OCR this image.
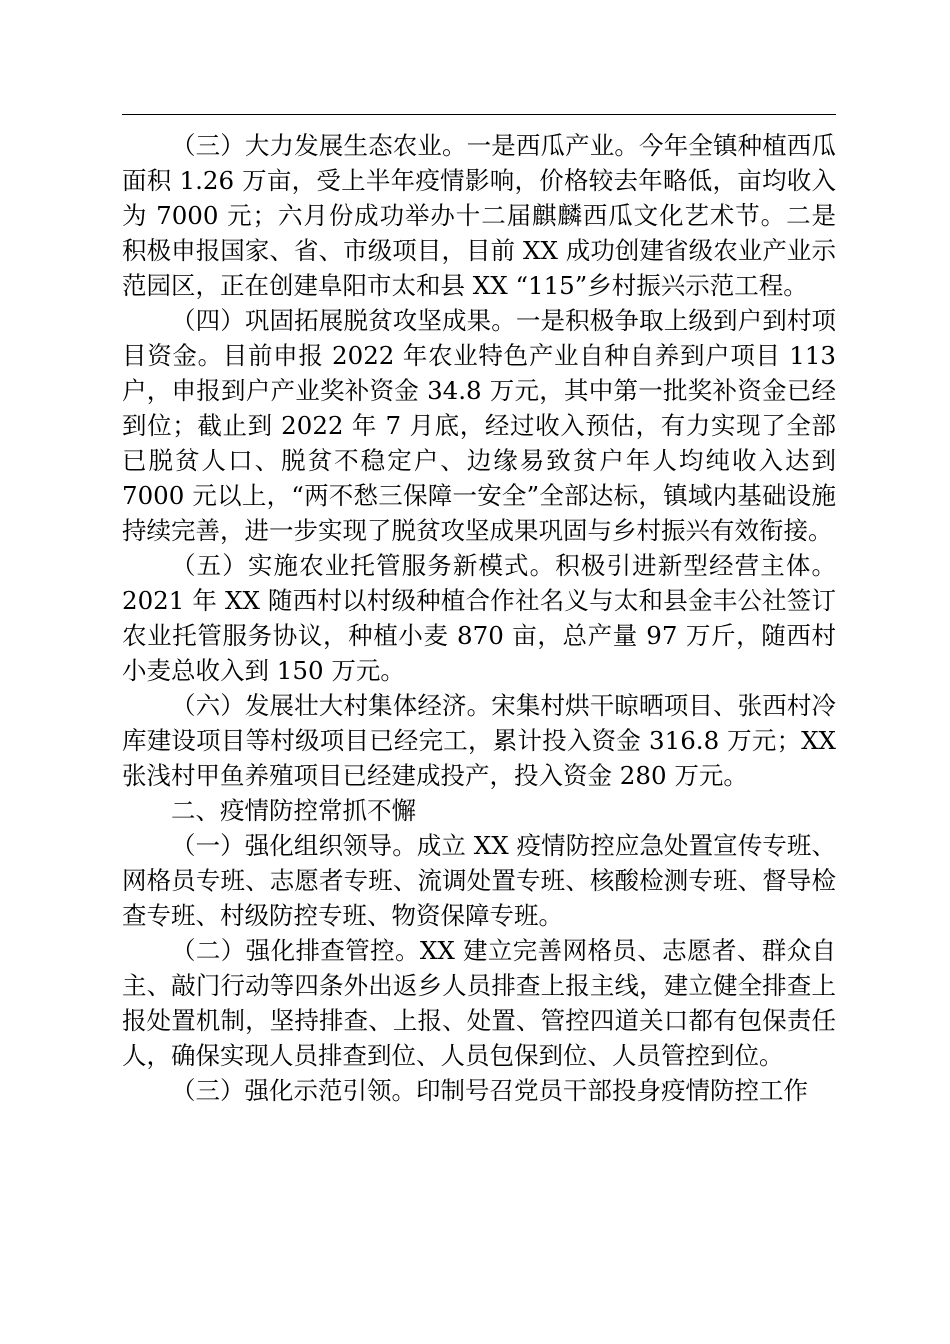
（三）大力发展生态农业。一是西瓜产业。今年全镇种植西瓜面积 1.26 万亩，受上半年疫情影响，价格较去年略低，亩均收入为 7000 元；六月份成功举办十二届麒麟西瓜文化艺术节。二是积极申报国家、省、市级项目，目前 XX 成功创建省级农业产业示范园区，正在创建阜阳市太和县 XX “115”乡村振兴示范工程。

（四）巩固拓展脱贫攻坚成果。一是积极争取上级到户到村项目资金。目前申报 2022 年农业特色产业自种自养到户项目 113 户，申报到户产业奖补资金 34.8 万元，其中第一批奖补资金已经到位；截止到 2022 年 7 月底，经过收入预估，有力实现了全部已脱贫人口、脱贫不稳定户、边缘易致贫户年人均纯收入达到 7000 元以上，“两不愁三保障一安全”全部达标，镇域内基础设施持续完善，进一步实现了脱贫攻坚成果巩固与乡村振兴有效衔接。

（五）实施农业托管服务新模式。积极引进新型经营主体。2021 年 XX 随西村以村级种植合作社名义与太和县金丰公社签订农业托管服务协议，种植小麦 870 亩，总产量 97 万斤，随西村小麦总收入到 150 万元。

（六）发展壮大村集体经济。宋集村烘干晾晒项目、张西村冷库建设项目等村级项目已经完工，累计投入资金 316.8 万元；XX 张浅村甲鱼养殖项目已经建成投产，投入资金 280 万元。

二、疫情防控常抓不懈

（一）强化组织领导。成立 XX 疫情防控应急处置宣传专班、网格员专班、志愿者专班、流调处置专班、核酸检测专班、督导检查专班、村级防控专班、物资保障专班。

（二）强化排查管控。XX 建立完善网格员、志愿者、群众自主、敲门行动等四条外出返乡人员排查上报主线，建立健全排查上报处置机制，坚持排查、上报、处置、管控四道关口都有包保责任人，确保实现人员排查到位、人员包保到位、人员管控到位。

（三）强化示范引领。印制号召党员干部投身疫情防控工作
